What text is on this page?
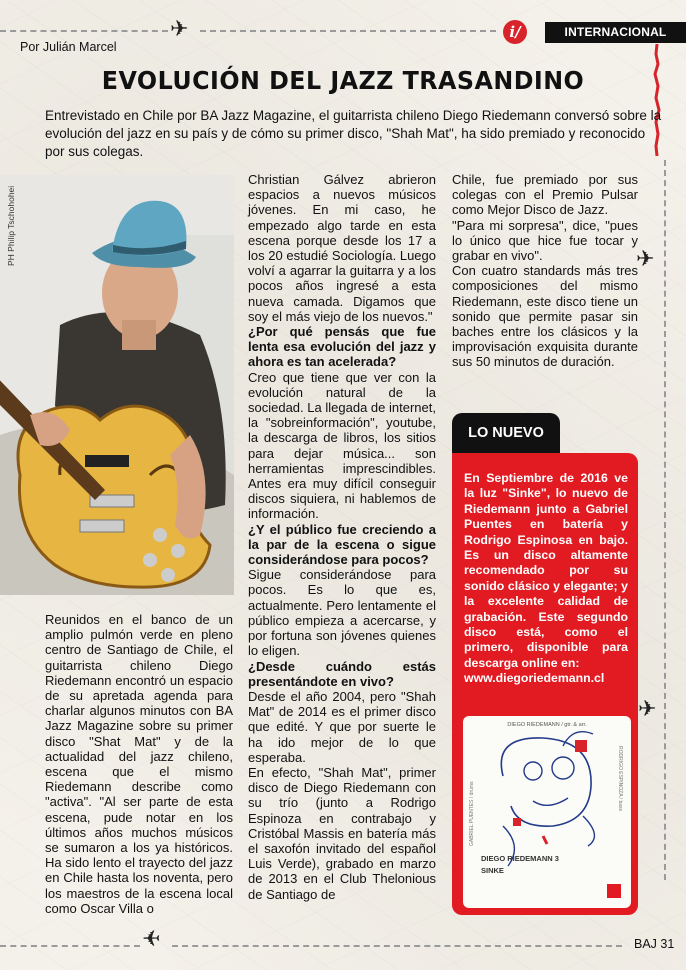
✈
✈
✈
✈
Por Julián Marcel
i/	INTERNACIONAL
EVOLUCIÓN DEL JAZZ TRASANDINO
Entrevistado en Chile por BA Jazz Magazine, el guitarrista chileno Diego Riedemann conversó sobre la evolución del jazz en su país y de cómo su primer disco, "Shah Mat", ha sido premiado y reconocido por sus colegas.
PH Philip Tschohohei

Reunidos en el banco de un amplio pulmón verde en pleno centro de Santiago de Chile, el guitarrista chileno Diego Riedemann encontró un espacio de su apretada agenda para charlar algunos minutos con BA Jazz Magazine sobre su primer disco "Shat Mat" y de la actualidad del jazz chileno, escena que el mismo Riedemann describe como "activa". "Al ser parte de esta escena, pude notar en los últimos años muchos músicos se sumaron a los ya históricos. Ha sido lento el trayecto del jazz en Chile hasta los noventa, pero los maestros de la escena local como Oscar Villa o

Christian Gálvez abrieron espacios a nuevos músicos jóvenes. En mi caso, he empezado algo tarde en esta escena porque desde los 17 a los 20 estudié Sociología. Luego volví a agarrar la guitarra y a los pocos años ingresé a esta nueva camada. Digamos que soy el más viejo de los nuevos."

¿Por qué pensás que fue lenta esa evolución del jazz y ahora es tan acelerada?

Creo que tiene que ver con la evolución natural de la sociedad. La llegada de internet, la "sobreinformación", youtube, la descarga de libros, los sitios para dejar música... son herramientas imprescindibles. Antes era muy difícil conseguir discos siquiera, ni hablemos de información.

¿Y el público fue creciendo a la par de la escena o sigue considerándose para pocos?

Sigue considerándose para pocos. Es lo que es, actualmente. Pero lentamente el público empieza a acercarse, y por fortuna son jóvenes quienes lo eligen.

¿Desde cuándo estás presentándote en vivo?

Desde el año 2004, pero "Shah Mat" de 2014 es el primer disco que edité. Y que por suerte le ha ido mejor de lo que esperaba.

En efecto, "Shah Mat", primer disco de Diego Riedemann con su trío (junto a Rodrigo Espinoza en contrabajo y Cristóbal Massis en batería más el saxofón invitado del español Luis Verde), grabado en marzo de 2013 en el Club Thelonious de Santiago de

Chile, fue premiado por sus colegas con el Premio Pulsar como Mejor Disco de Jazz.

"Para mi sorpresa", dice, "pues lo único que hice fue tocar y grabar en vivo".

Con cuatro standards más tres composiciones del mismo Riedemann, este disco tiene un sonido que permite pasar sin baches entre los clásicos y la improvisación exquisita durante sus 50 minutos de duración.

LO NUEVO
En Septiembre de 2016 ve la luz "Sinke", lo nuevo de Riedemann junto a Gabriel Puentes en batería y Rodrigo Espinosa en bajo. Es un disco altamente recomendado por su sonido clásico y elegante; y la excelente calidad de grabación. Este segundo disco está, como el primero, disponible para descarga online en:
www.diegoriedemann.cl
DIEGO RIEDEMANN / gtr. & arr.
GABRIEL PUENTES / drums
RODRIGO ESPINOZA / bass
DIEGO RIEDEMANN 3
SINKE
BAJ 31
